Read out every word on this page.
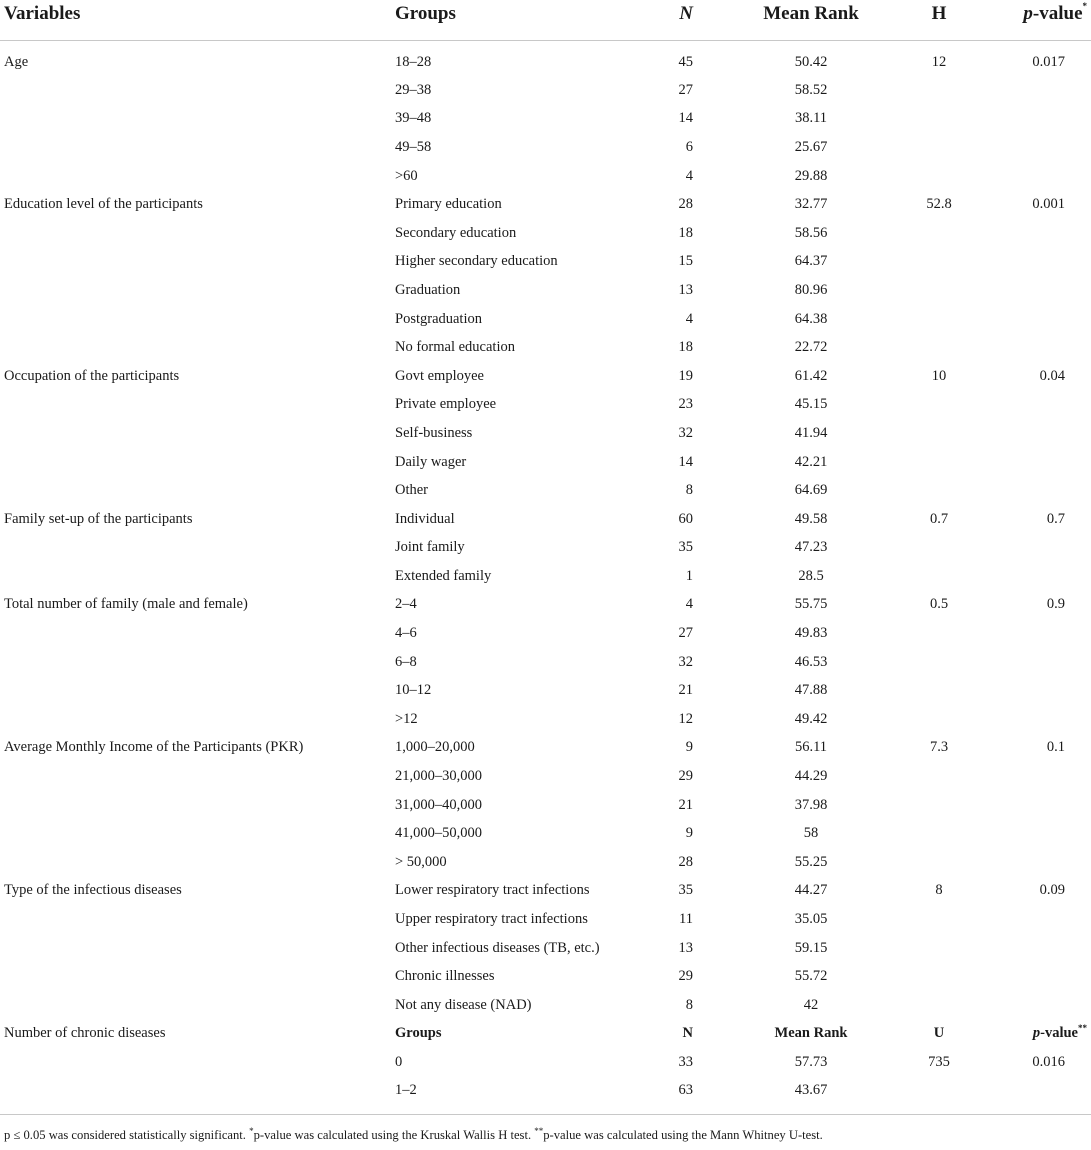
Variables	Groups	N	Mean Rank	H	p-value*
Age	18–28	45	50.42	12	0.017
	29–38	27	58.52		
	39–48	14	38.11		
	49–58	6	25.67		
	>60	4	29.88		
Education level of the participants	Primary education	28	32.77	52.8	0.001
	Secondary education	18	58.56		
	Higher secondary education	15	64.37		
	Graduation	13	80.96		
	Postgraduation	4	64.38		
	No formal education	18	22.72		
Occupation of the participants	Govt employee	19	61.42	10	0.04
	Private employee	23	45.15		
	Self-business	32	41.94		
	Daily wager	14	42.21		
	Other	8	64.69		
Family set-up of the participants	Individual	60	49.58	0.7	0.7
	Joint family	35	47.23		
	Extended family	1	28.5		
Total number of family (male and female)	2–4	4	55.75	0.5	0.9
	4–6	27	49.83		
	6–8	32	46.53		
	10–12	21	47.88		
	>12	12	49.42		
Average Monthly Income of the Participants (PKR)	1,000–20,000	9	56.11	7.3	0.1
	21,000–30,000	29	44.29		
	31,000–40,000	21	37.98		
	41,000–50,000	9	58		
	> 50,000	28	55.25		
Type of the infectious diseases	Lower respiratory tract infections	35	44.27	8	0.09
	Upper respiratory tract infections	11	35.05		
	Other infectious diseases (TB, etc.)	13	59.15		
	Chronic illnesses	29	55.72		
	Not any disease (NAD)	8	42		
Number of chronic diseases	Groups	N	Mean Rank	U	p-value**
	0	33	57.73	735	0.016
	1–2	63	43.67		
p ≤ 0.05 was considered statistically significant. *p-value was calculated using the Kruskal Wallis H test. **p-value was calculated using the Mann Whitney U-test.
